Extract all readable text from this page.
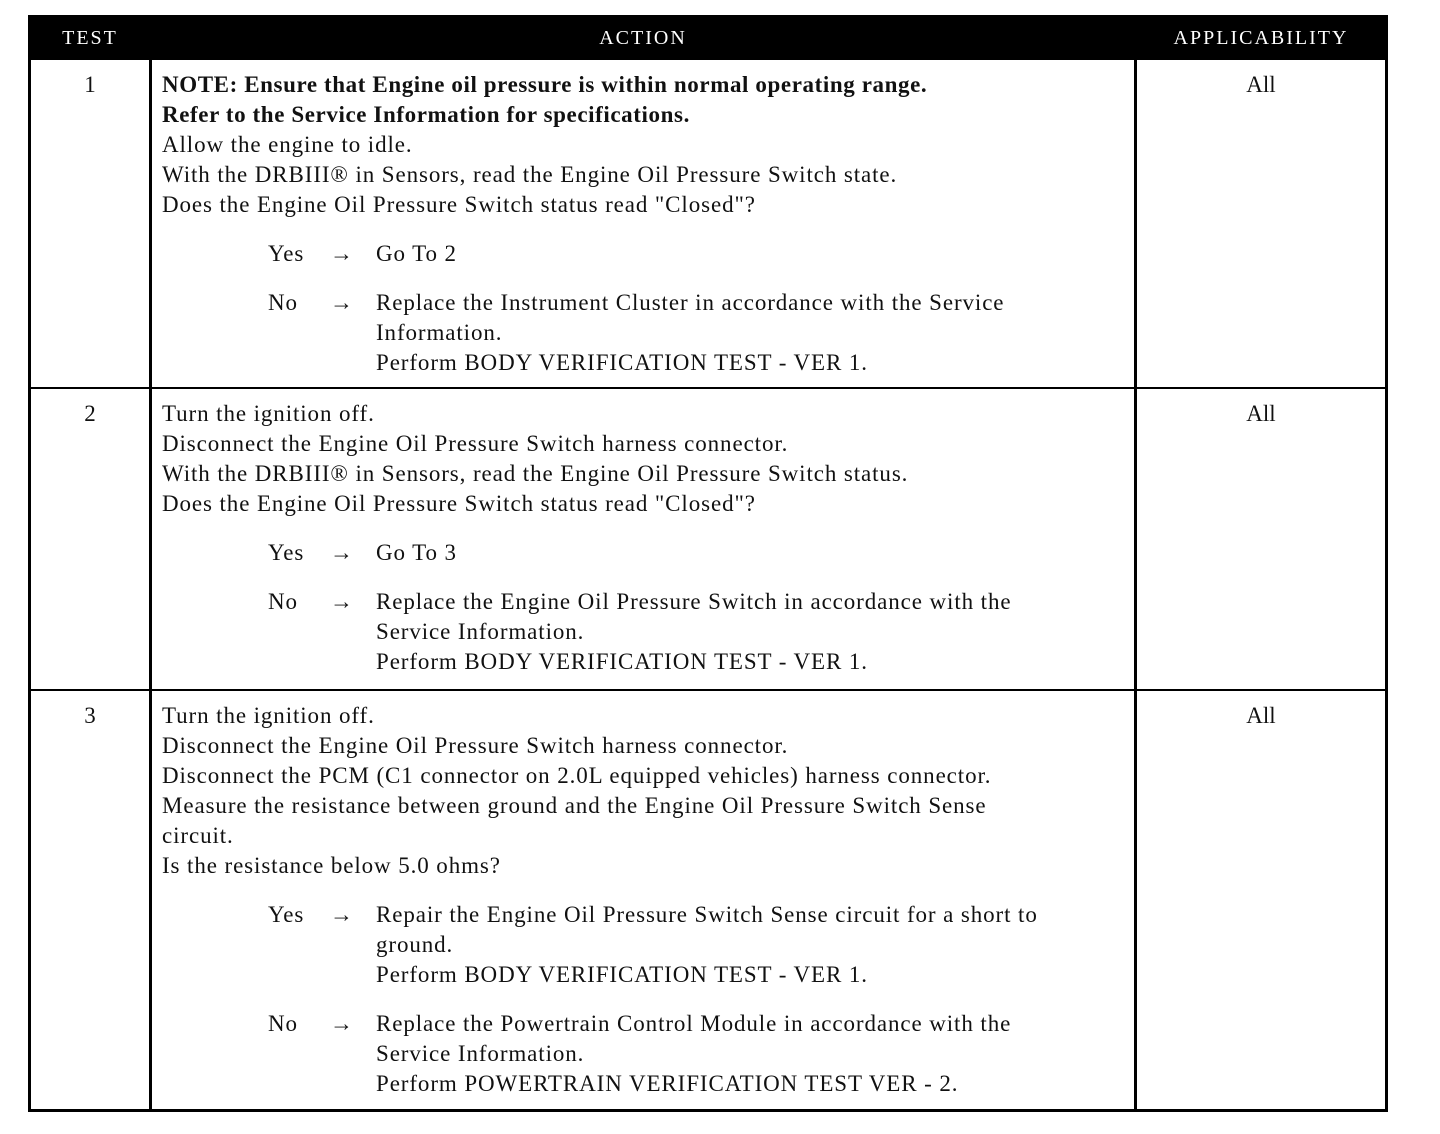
TEST	ACTION	APPLICABILITY
1	NOTE: Ensure that Engine oil pressure is within normal operating range.
Refer to the Service Information for specifications.
Allow the engine to idle.
With the DRBIII® in Sensors, read the Engine Oil Pressure Switch state.
Does the Engine Oil Pressure Switch status read "Closed"?
Yes	→ Go To 2
No	→ Replace the Instrument Cluster in accordance with the Service
Information.
Perform BODY VERIFICATION TEST - VER 1.
All
2	Turn the ignition off.
Disconnect the Engine Oil Pressure Switch harness connector.
With the DRBIII® in Sensors, read the Engine Oil Pressure Switch status.
Does the Engine Oil Pressure Switch status read "Closed"?
Yes	→ Go To 3
No	→ Replace the Engine Oil Pressure Switch in accordance with the
Service Information.
Perform BODY VERIFICATION TEST - VER 1.
All
3	Turn the ignition off.
Disconnect the Engine Oil Pressure Switch harness connector.
Disconnect the PCM (C1 connector on 2.0L equipped vehicles) harness connector.
Measure the resistance between ground and the Engine Oil Pressure Switch Sense
circuit.
Is the resistance below 5.0 ohms?
Yes	→ Repair the Engine Oil Pressure Switch Sense circuit for a short to
ground.
Perform BODY VERIFICATION TEST - VER 1.
No	→ Replace the Powertrain Control Module in accordance with the
Service Information.
Perform POWERTRAIN VERIFICATION TEST VER - 2.
All
